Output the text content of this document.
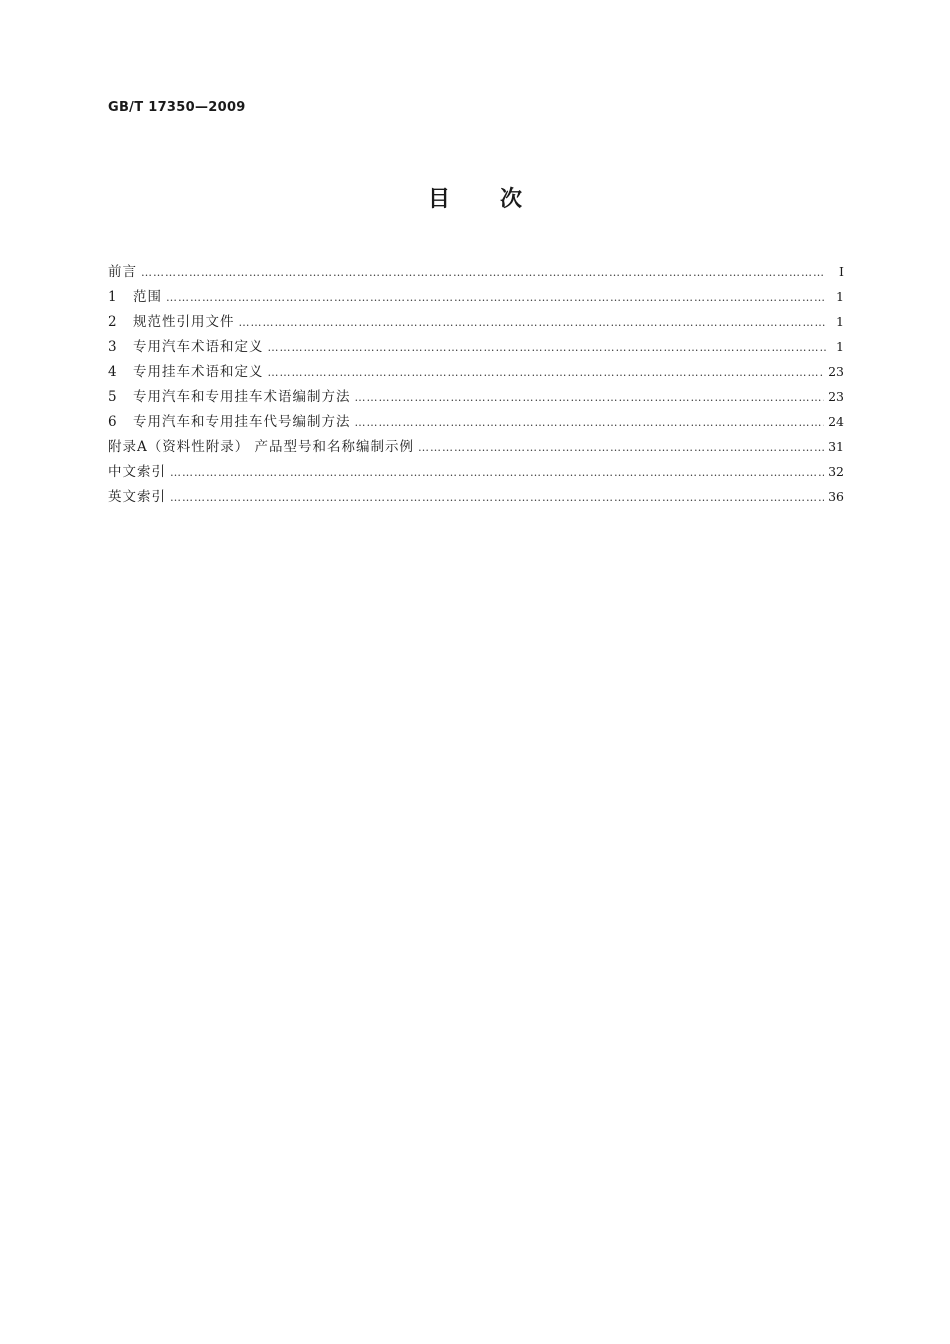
GB/T 17350—2009
目次
前言 …………………………………………………………………………………………………………………………………………………………………………………	Ⅰ
1	范围 …………………………………………………………………………………………………………………………………………………………………………………	1
2	规范性引用文件 …………………………………………………………………………………………………………………………………………………………………………………	1
3	专用汽车术语和定义 …………………………………………………………………………………………………………………………………………………………………………………	1
4	专用挂车术语和定义 …………………………………………………………………………………………………………………………………………………………………………………	23
5	专用汽车和专用挂车术语编制方法 …………………………………………………………………………………………………………………………………………………………………………………	23
6	专用汽车和专用挂车代号编制方法 …………………………………………………………………………………………………………………………………………………………………………………	24
附录A（资料性附录） 产品型号和名称编制示例 …………………………………………………………………………………………………………………………………………………………………………………	31
中文索引 …………………………………………………………………………………………………………………………………………………………………………………	32
英文索引 …………………………………………………………………………………………………………………………………………………………………………………	36
